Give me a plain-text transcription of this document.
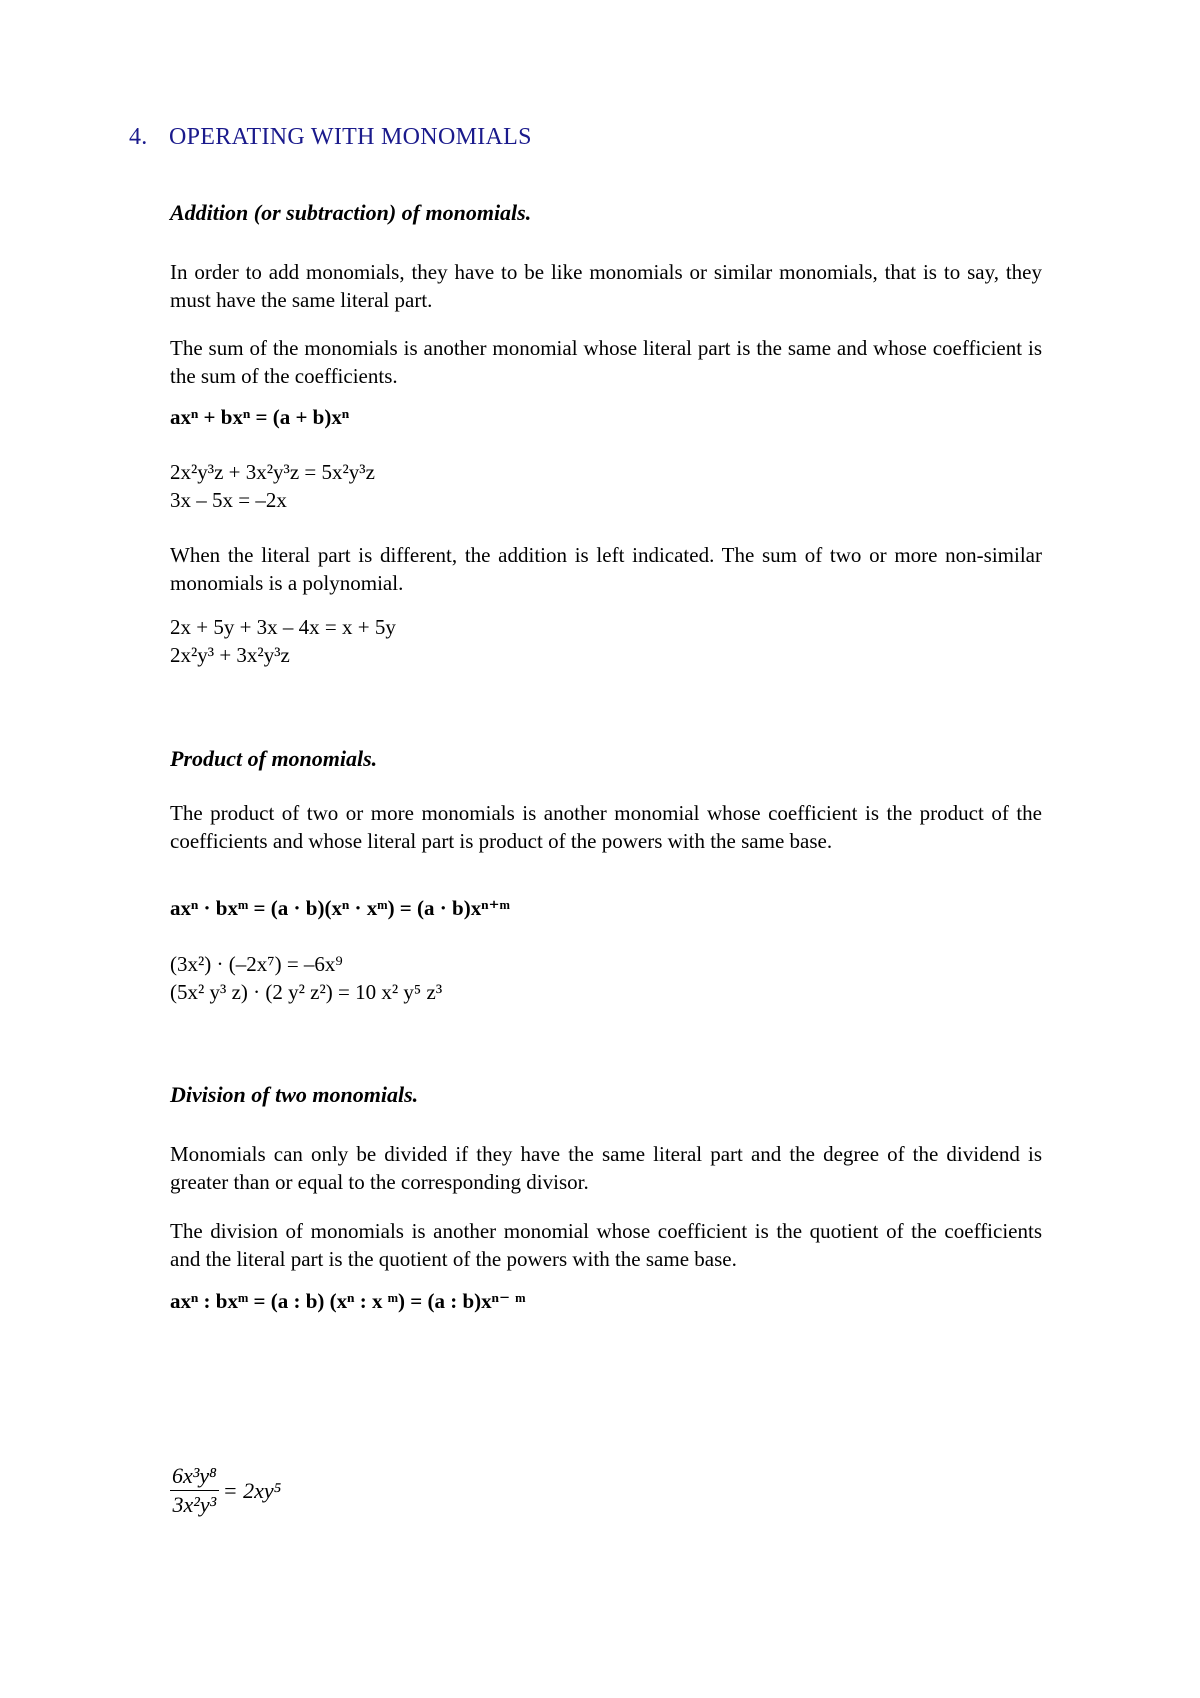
4. OPERATING WITH MONOMIALS
Addition (or subtraction) of monomials.
In order to add monomials, they have to be like monomials or similar monomials, that is to say, they must have the same literal part.
The sum of the monomials is another monomial whose literal part is the same and whose coefficient is the sum of the coefficients.
axⁿ + bxⁿ = (a + b)xⁿ
2x²y³z + 3x²y³z = 5x²y³z
3x – 5x = –2x
When the literal part is different, the addition is left indicated. The sum of two or more non-similar monomials is a polynomial.
2x + 5y + 3x – 4x = x + 5y
2x²y³ + 3x²y³z
Product of monomials.
The product of two or more monomials is another monomial whose coefficient is the product of the coefficients and whose literal part is product of the powers with the same base.
axⁿ · bxᵐ = (a · b)(xⁿ · xᵐ) = (a · b)xⁿ⁺ᵐ
(3x²) · (–2x⁷) = –6x⁹
(5x² y³ z) · (2 y² z²) = 10 x² y⁵ z³
Division of two monomials.
Monomials can only be divided if they have the same literal part and the degree of the dividend is greater than or equal to the corresponding divisor.
The division of monomials is another monomial whose coefficient is the quotient of the coefficients and the literal part is the quotient of the powers with the same base.
axⁿ : bxᵐ = (a : b) (xⁿ : x ᵐ) = (a : b)xⁿ⁻ ᵐ
$\frac{\text{6x³y⁸}}{\text{3x²y³}} = 2xy^5$
